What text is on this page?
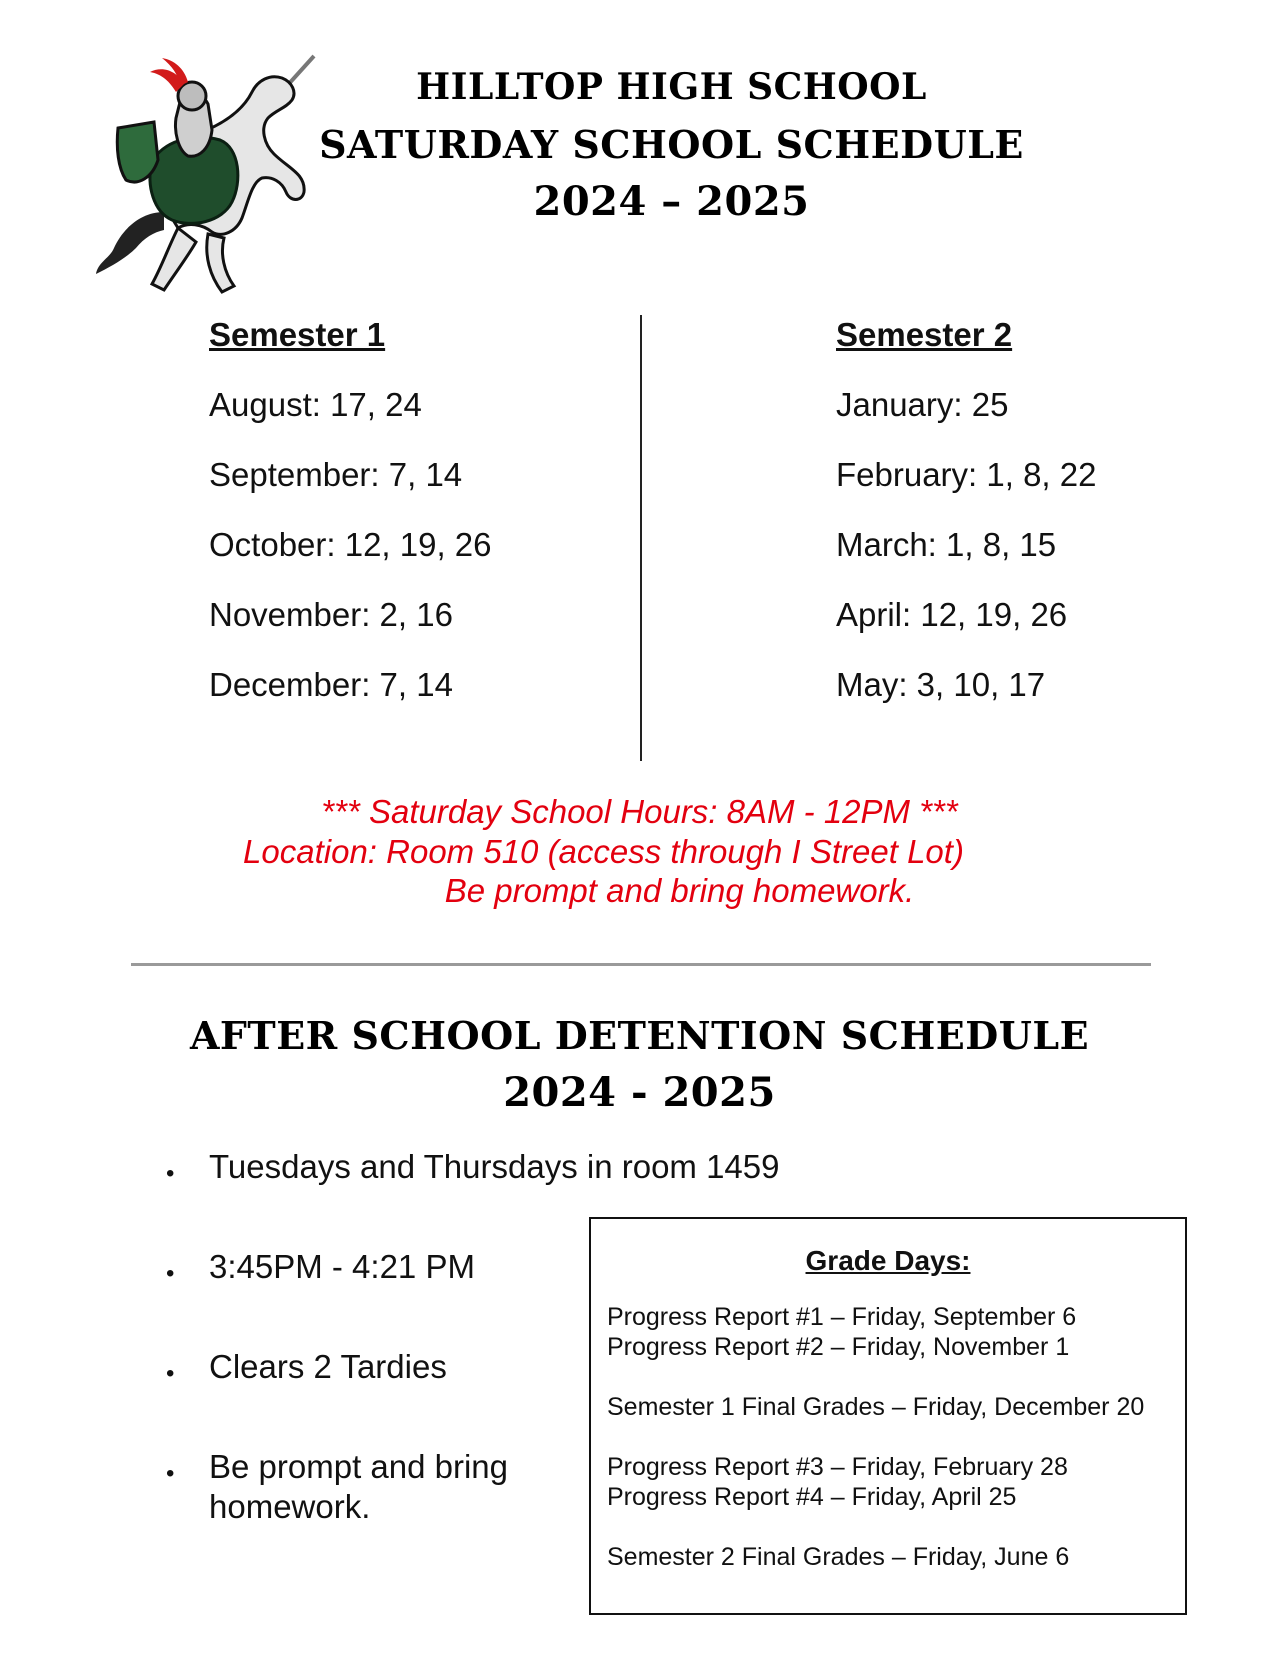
HILLTOP HIGH SCHOOL
SATURDAY SCHOOL SCHEDULE
2024 – 2025
Semester 1
August: 17, 24
September: 7, 14
October: 12, 19, 26
November: 2, 16
December: 7, 14
Semester 2
January: 25
February: 1, 8, 22
March: 1, 8, 15
April: 12, 19, 26
May: 3, 10, 17
*** Saturday School Hours: 8AM - 12PM ***
Location: Room 510 (access through I Street Lot)
Be prompt and bring homework.
AFTER SCHOOL DETENTION SCHEDULE
2024 - 2025
• Tuesdays and Thursdays in room 1459
• 3:45PM - 4:21 PM
• Clears 2 Tardies
• Be prompt and bring
homework.
Grade Days:
Progress Report #1 – Friday, September 6
Progress Report #2 – Friday, November 1
Semester 1 Final Grades – Friday, December 20
Progress Report #3 – Friday, February 28
Progress Report #4 – Friday, April 25
Semester 2 Final Grades – Friday, June 6
